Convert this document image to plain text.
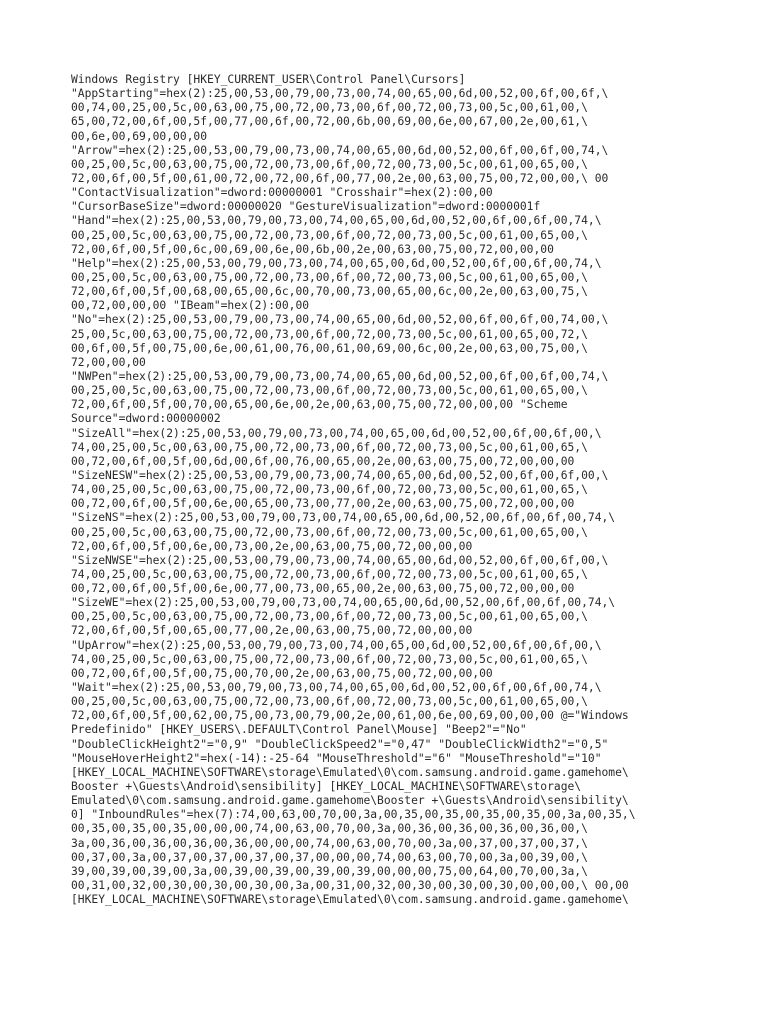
Windows Registry [HKEY_CURRENT_USER\Control Panel\Cursors]
"AppStarting"=hex(2):25,00,53,00,79,00,73,00,74,00,65,00,6d,00,52,00,6f,00,6f,\
00,74,00,25,00,5c,00,63,00,75,00,72,00,73,00,6f,00,72,00,73,00,5c,00,61,00,\
65,00,72,00,6f,00,5f,00,77,00,6f,00,72,00,6b,00,69,00,6e,00,67,00,2e,00,61,\
00,6e,00,69,00,00,00
"Arrow"=hex(2):25,00,53,00,79,00,73,00,74,00,65,00,6d,00,52,00,6f,00,6f,00,74,\
00,25,00,5c,00,63,00,75,00,72,00,73,00,6f,00,72,00,73,00,5c,00,61,00,65,00,\
72,00,6f,00,5f,00,61,00,72,00,72,00,6f,00,77,00,2e,00,63,00,75,00,72,00,00,\ 00
"ContactVisualization"=dword:00000001 "Crosshair"=hex(2):00,00
"CursorBaseSize"=dword:00000020 "GestureVisualization"=dword:0000001f
"Hand"=hex(2):25,00,53,00,79,00,73,00,74,00,65,00,6d,00,52,00,6f,00,6f,00,74,\
00,25,00,5c,00,63,00,75,00,72,00,73,00,6f,00,72,00,73,00,5c,00,61,00,65,00,\
72,00,6f,00,5f,00,6c,00,69,00,6e,00,6b,00,2e,00,63,00,75,00,72,00,00,00
"Help"=hex(2):25,00,53,00,79,00,73,00,74,00,65,00,6d,00,52,00,6f,00,6f,00,74,\
00,25,00,5c,00,63,00,75,00,72,00,73,00,6f,00,72,00,73,00,5c,00,61,00,65,00,\
72,00,6f,00,5f,00,68,00,65,00,6c,00,70,00,73,00,65,00,6c,00,2e,00,63,00,75,\
00,72,00,00,00 "IBeam"=hex(2):00,00
"No"=hex(2):25,00,53,00,79,00,73,00,74,00,65,00,6d,00,52,00,6f,00,6f,00,74,00,\
25,00,5c,00,63,00,75,00,72,00,73,00,6f,00,72,00,73,00,5c,00,61,00,65,00,72,\
00,6f,00,5f,00,75,00,6e,00,61,00,76,00,61,00,69,00,6c,00,2e,00,63,00,75,00,\
72,00,00,00
"NWPen"=hex(2):25,00,53,00,79,00,73,00,74,00,65,00,6d,00,52,00,6f,00,6f,00,74,\
00,25,00,5c,00,63,00,75,00,72,00,73,00,6f,00,72,00,73,00,5c,00,61,00,65,00,\
72,00,6f,00,5f,00,70,00,65,00,6e,00,2e,00,63,00,75,00,72,00,00,00 "Scheme
Source"=dword:00000002
"SizeAll"=hex(2):25,00,53,00,79,00,73,00,74,00,65,00,6d,00,52,00,6f,00,6f,00,\
74,00,25,00,5c,00,63,00,75,00,72,00,73,00,6f,00,72,00,73,00,5c,00,61,00,65,\
00,72,00,6f,00,5f,00,6d,00,6f,00,76,00,65,00,2e,00,63,00,75,00,72,00,00,00
"SizeNESW"=hex(2):25,00,53,00,79,00,73,00,74,00,65,00,6d,00,52,00,6f,00,6f,00,\
74,00,25,00,5c,00,63,00,75,00,72,00,73,00,6f,00,72,00,73,00,5c,00,61,00,65,\
00,72,00,6f,00,5f,00,6e,00,65,00,73,00,77,00,2e,00,63,00,75,00,72,00,00,00
"SizeNS"=hex(2):25,00,53,00,79,00,73,00,74,00,65,00,6d,00,52,00,6f,00,6f,00,74,\
00,25,00,5c,00,63,00,75,00,72,00,73,00,6f,00,72,00,73,00,5c,00,61,00,65,00,\
72,00,6f,00,5f,00,6e,00,73,00,2e,00,63,00,75,00,72,00,00,00
"SizeNWSE"=hex(2):25,00,53,00,79,00,73,00,74,00,65,00,6d,00,52,00,6f,00,6f,00,\
74,00,25,00,5c,00,63,00,75,00,72,00,73,00,6f,00,72,00,73,00,5c,00,61,00,65,\
00,72,00,6f,00,5f,00,6e,00,77,00,73,00,65,00,2e,00,63,00,75,00,72,00,00,00
"SizeWE"=hex(2):25,00,53,00,79,00,73,00,74,00,65,00,6d,00,52,00,6f,00,6f,00,74,\
00,25,00,5c,00,63,00,75,00,72,00,73,00,6f,00,72,00,73,00,5c,00,61,00,65,00,\
72,00,6f,00,5f,00,65,00,77,00,2e,00,63,00,75,00,72,00,00,00
"UpArrow"=hex(2):25,00,53,00,79,00,73,00,74,00,65,00,6d,00,52,00,6f,00,6f,00,\
74,00,25,00,5c,00,63,00,75,00,72,00,73,00,6f,00,72,00,73,00,5c,00,61,00,65,\
00,72,00,6f,00,5f,00,75,00,70,00,2e,00,63,00,75,00,72,00,00,00
"Wait"=hex(2):25,00,53,00,79,00,73,00,74,00,65,00,6d,00,52,00,6f,00,6f,00,74,\
00,25,00,5c,00,63,00,75,00,72,00,73,00,6f,00,72,00,73,00,5c,00,61,00,65,00,\
72,00,6f,00,5f,00,62,00,75,00,73,00,79,00,2e,00,61,00,6e,00,69,00,00,00 @="Windows
Predefinido" [HKEY_USERS\.DEFAULT\Control Panel\Mouse] "Beep2"="No"
"DoubleClickHeight2"="0,9" "DoubleClickSpeed2"="0,47" "DoubleClickWidth2"="0,5"
"MouseHoverHeight2"=hex(-14):-25-64 "MouseThreshold"="6" "MouseThreshold"="10"
[HKEY_LOCAL_MACHINE\SOFTWARE\storage\Emulated\0\com.samsung.android.game.gamehome\
Booster +\Guests\Android\sensibility] [HKEY_LOCAL_MACHINE\SOFTWARE\storage\
Emulated\0\com.samsung.android.game.gamehome\Booster +\Guests\Android\sensibility\
0] "InboundRules"=hex(7):74,00,63,00,70,00,3a,00,35,00,35,00,35,00,35,00,3a,00,35,\
00,35,00,35,00,35,00,00,00,74,00,63,00,70,00,3a,00,36,00,36,00,36,00,36,00,\
3a,00,36,00,36,00,36,00,36,00,00,00,74,00,63,00,70,00,3a,00,37,00,37,00,37,\
00,37,00,3a,00,37,00,37,00,37,00,37,00,00,00,74,00,63,00,70,00,3a,00,39,00,\
39,00,39,00,39,00,3a,00,39,00,39,00,39,00,39,00,00,00,75,00,64,00,70,00,3a,\
00,31,00,32,00,30,00,30,00,30,00,3a,00,31,00,32,00,30,00,30,00,30,00,00,00,\ 00,00
[HKEY_LOCAL_MACHINE\SOFTWARE\storage\Emulated\0\com.samsung.android.game.gamehome\
